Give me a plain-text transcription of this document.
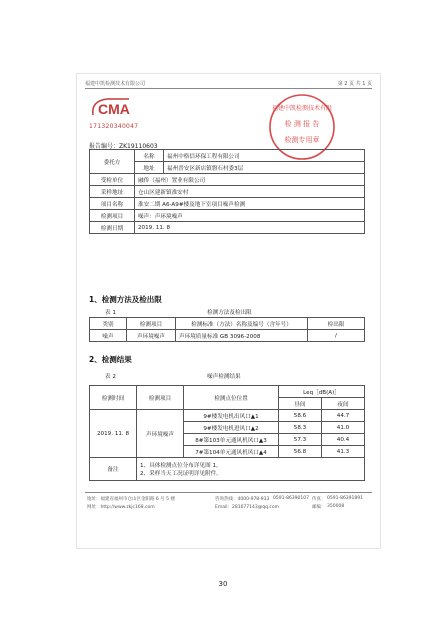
福建中凯检测技术有限公司	第 2 页 共 1 页
CMA
171320340047
福建中凯检测技术有限
检 测 报 告
检测专用章
报告编号：ZK19110603
委托方	名称	福州中格信环保工程有限公司
	地址	福州晋安区新店镇磐石村委3层
受检单位	融侨（福州）置业有限公司	
采样地址	仓山区建新镇淮安村	
项目名称	淮安二期 A6-A9#楼及地下室项目噪声检测	
检测项目	噪声：声环境噪声	
检测日期	2019. 11. 8	
1、检测方法及检出限
表 1	检测方法及检出限
类别	检测项目	检测标准（方法）名称及编号（含年号）	检出限
噪声	声环境噪声	声环境质量标准 GB 3096-2008	/
2、检测结果
表 2	噪声检测结果
检测时间	检测项目	检测点位位置	Leq［dB(A)］	
			昼间	夜间
2019. 11. 8	声环境噪声	9#楼发电机出风口▲1	58.6	44.7
		9#楼发电机进风口▲2	58.3	41.0
		8#第103单元通风机风口▲3	57.3	40.4
		7#第104单元通风机风口▲4	56.8	41.3
备注	1、具体检测点位分布详见图 1。
2、采样当天工况证明详见附件。			
地址：福建省福州市仓山区金阳路 6 号 5 楼
网址：http://www.zkjc168.com
咨询热线：4000-978-933
Email：281677143@qq.com
0591-86390107 传真： 0591-86391891
邮编： 350008
30
